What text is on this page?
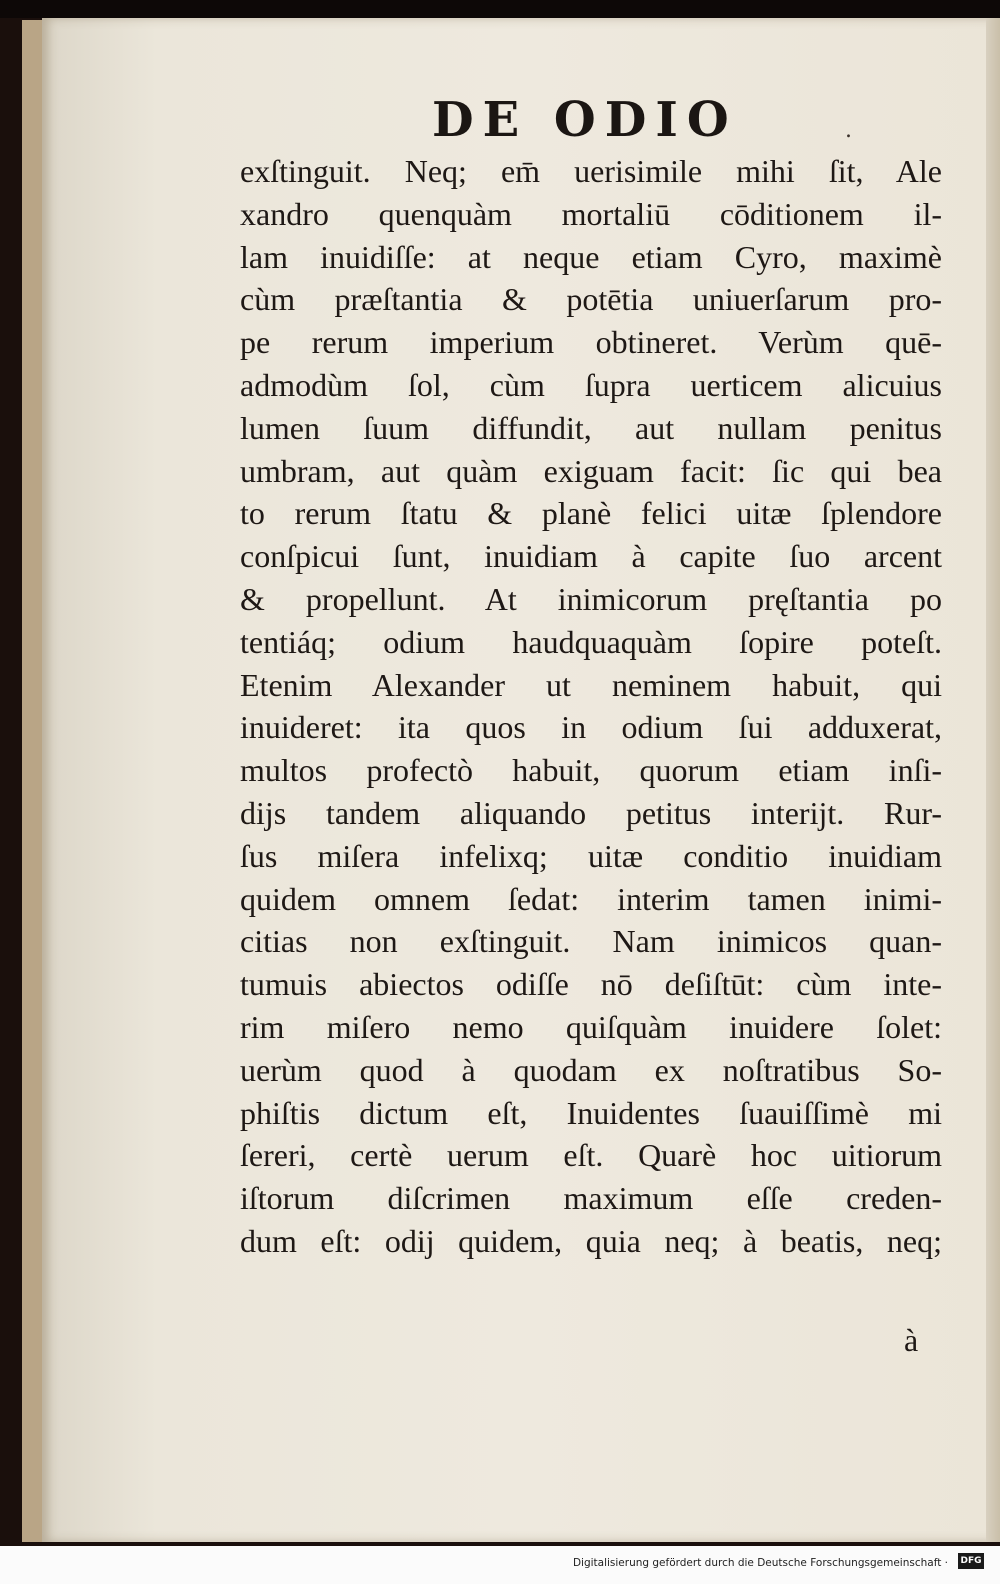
DE ODIO	.
exſtinguit. Neq; em̄ uerisimile mihi ſit, Ale
xandro quenquàm mortaliū cōditionem il-
lam inuidiſſe: at neque etiam Cyro, maximè
cùm præſtantia & potētia uniuerſarum pro-
pe rerum imperium obtineret. Verùm quē-
admodùm ſol, cùm ſupra uerticem alicuius
lumen ſuum diffundit, aut nullam penitus
umbram, aut quàm exiguam facit: ſic qui bea
to rerum ſtatu & planè felici uitæ ſplendore
conſpicui ſunt, inuidiam à capite ſuo arcent
& propellunt. At inimicorum pręſtantia po
tentiáq; odium haudquaquàm ſopire poteſt.
Etenim Alexander ut neminem habuit, qui
inuideret: ita quos in odium ſui adduxerat,
multos profectò habuit, quorum etiam inſi-
dijs tandem aliquando petitus interijt. Rur-
ſus miſera infelixq; uitæ conditio inuidiam
quidem omnem ſedat: interim tamen inimi-
citias non exſtinguit. Nam inimicos quan-
tumuis abiectos odiſſe nō deſiſtūt: cùm inte-
rim miſero nemo quiſquàm inuidere ſolet:
uerùm quod à quodam ex noſtratibus So-
phiſtis dictum eſt, Inuidentes ſuauiſſimè mi
ſereri, certè uerum eſt. Quarè hoc uitiorum
iſtorum diſcrimen maximum eſſe creden-
dum eſt: odij quidem, quia neq; à beatis, neq;
à
Digitalisierung gefördert durch die Deutsche Forschungsgemeinschaft · DFG
